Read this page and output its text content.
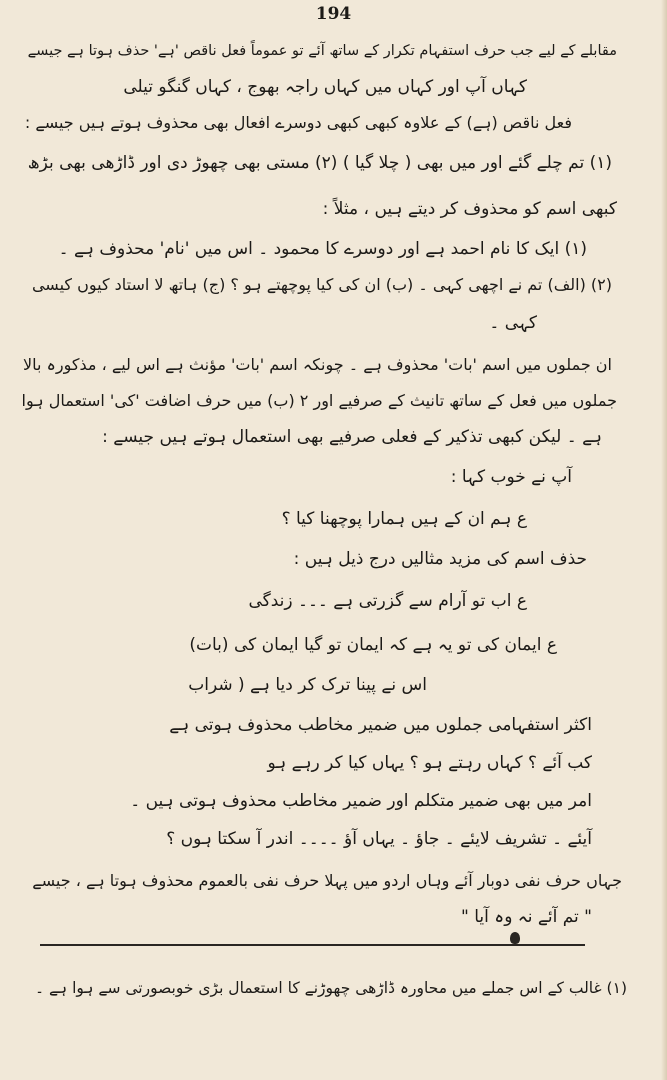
194
مقابلے کے لیے جب حرف استفہام تکرار کے ساتھ آئے تو عموماً فعل ناقص 'ہے' حذف ہوتا ہے جیسے
کہاں آپ اور کہاں میں کہاں راجہ بھوج ، کہاں گنگو تیلی
فعل ناقص (ہے) کے علاوہ کبھی کبھی دوسرے افعال بھی محذوف ہوتے ہیں جیسے :
(۱) تم چلے گئے اور میں بھی ( چلا گیا ) (۲) مستی بھی چھوڑ دی اور ڈاڑھی بھی بڑھ
کبھی اسم کو محذوف کر دیتے ہیں ، مثلاً :
(۱) ایک کا نام احمد ہے اور دوسرے کا محمود ۔ اس میں 'نام' محذوف ہے ۔
(۲) (الف) تم نے اچھی کہی ۔ (ب) ان کی کیا پوچھتے ہو ؟ (ج) ہاتھ لا استاد کیوں کیسی
کہی ۔
ان جملوں میں اسم 'بات' محذوف ہے ۔ چونکہ اسم 'بات' مؤنث ہے اس لیے ، مذکورہ بالا
جملوں میں فعل کے ساتھ تانیث کے صرفیے اور ۲ (ب) میں حرف اضافت 'کی' استعمال ہوا
ہے ۔ لیکن کبھی تذکیر کے فعلی صرفیے بھی استعمال ہوتے ہیں جیسے :
آپ نے خوب کہا :
ع ہم ان کے ہیں ہمارا پوچھنا کیا ؟
حذف اسم کی مزید مثالیں درج ذیل ہیں :
ع اب تو آرام سے گزرتی ہے ۔۔۔ زندگی
ع ایمان کی تو یہ ہے کہ ایمان تو گیا ایمان کی (بات)
اس نے پینا ترک کر دیا ہے ( شراب
اکثر استفہامی جملوں میں ضمیر مخاطب محذوف ہوتی ہے
کب آئے ؟ کہاں رہتے ہو ؟ یہاں کیا کر رہے ہو
امر میں بھی ضمیر متکلم اور ضمیر مخاطب محذوف ہوتی ہیں ۔
آیئے ۔ تشریف لایئے ۔ جاؤ ۔ یہاں آؤ ۔۔۔۔ اندر آ سکتا ہوں ؟
جہاں حرف نفی دوبار آئے وہاں اردو میں پہلا حرف نفی بالعموم محذوف ہوتا ہے ، جیسے
" تم آئے نہ وہ آیا "
(۱) غالب کے اس جملے میں محاورہ ڈاڑھی چھوڑنے کا استعمال بڑی خوبصورتی سے ہوا ہے ۔
